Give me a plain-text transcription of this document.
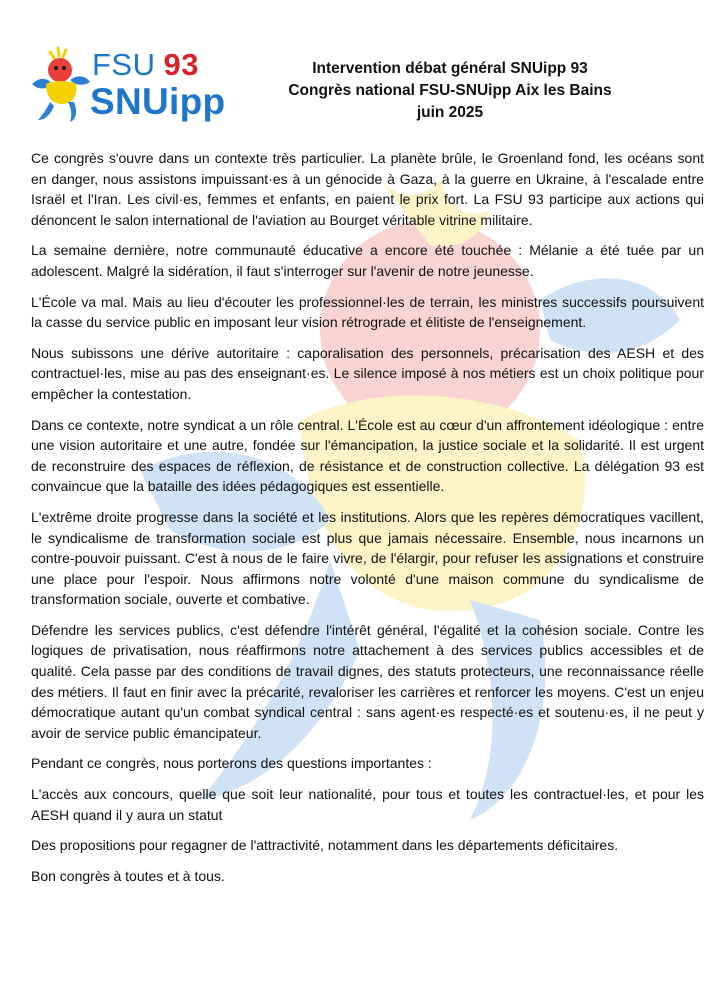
FSU 93
SNUipp
Intervention débat général SNUipp 93
Congrès national FSU-SNUipp Aix les Bains
juin 2025

Ce congrès s'ouvre dans un contexte très particulier. La planète brûle, le Groenland fond, les océans sont en danger, nous assistons impuissant·es à un génocide à Gaza, à la guerre en Ukraine, à l'escalade entre Israël et l'Iran. Les civil·es, femmes et enfants, en paient le prix fort. La FSU 93 participe aux actions qui dénoncent le salon international de l'aviation au Bourget véritable vitrine militaire.

La semaine dernière, notre communauté éducative a encore été touchée : Mélanie a été tuée par un adolescent. Malgré la sidération, il faut s'interroger sur l'avenir de notre jeunesse.

L'École va mal. Mais au lieu d'écouter les professionnel·les de terrain, les ministres successifs poursuivent la casse du service public en imposant leur vision rétrograde et élitiste de l'enseignement.

Nous subissons une dérive autoritaire : caporalisation des personnels, précarisation des AESH et des contractuel·les, mise au pas des enseignant·es. Le silence imposé à nos métiers est un choix politique pour empêcher la contestation.

Dans ce contexte, notre syndicat a un rôle central. L'École est au cœur d'un affrontement idéologique : entre une vision autoritaire et une autre, fondée sur l'émancipation, la justice sociale et la solidarité. Il est urgent de reconstruire des espaces de réflexion, de résistance et de construction collective. La délégation 93 est convaincue que la bataille des idées pédagogiques est essentielle.

L'extrême droite progresse dans la société et les institutions. Alors que les repères démocratiques vacillent, le syndicalisme de transformation sociale est plus que jamais nécessaire. Ensemble, nous incarnons un contre-pouvoir puissant. C'est à nous de le faire vivre, de l'élargir, pour refuser les assignations et construire une place pour l'espoir. Nous affirmons notre volonté d'une maison commune du syndicalisme de transformation sociale, ouverte et combative.

Défendre les services publics, c'est défendre l'intérêt général, l'égalité et la cohésion sociale. Contre les logiques de privatisation, nous réaffirmons notre attachement à des services publics accessibles et de qualité. Cela passe par des conditions de travail dignes, des statuts protecteurs, une reconnaissance réelle des métiers. Il faut en finir avec la précarité, revaloriser les carrières et renforcer les moyens. C'est un enjeu démocratique autant qu'un combat syndical central : sans agent·es respecté·es et soutenu·es, il ne peut y avoir de service public émancipateur.

Pendant ce congrès, nous porterons des questions importantes :

L'accès aux concours, quelle que soit leur nationalité, pour tous et toutes les contractuel·les, et pour les AESH quand il y aura un statut

Des propositions pour regagner de l'attractivité, notamment dans les départements déficitaires.

Bon congrès à toutes et à tous.
